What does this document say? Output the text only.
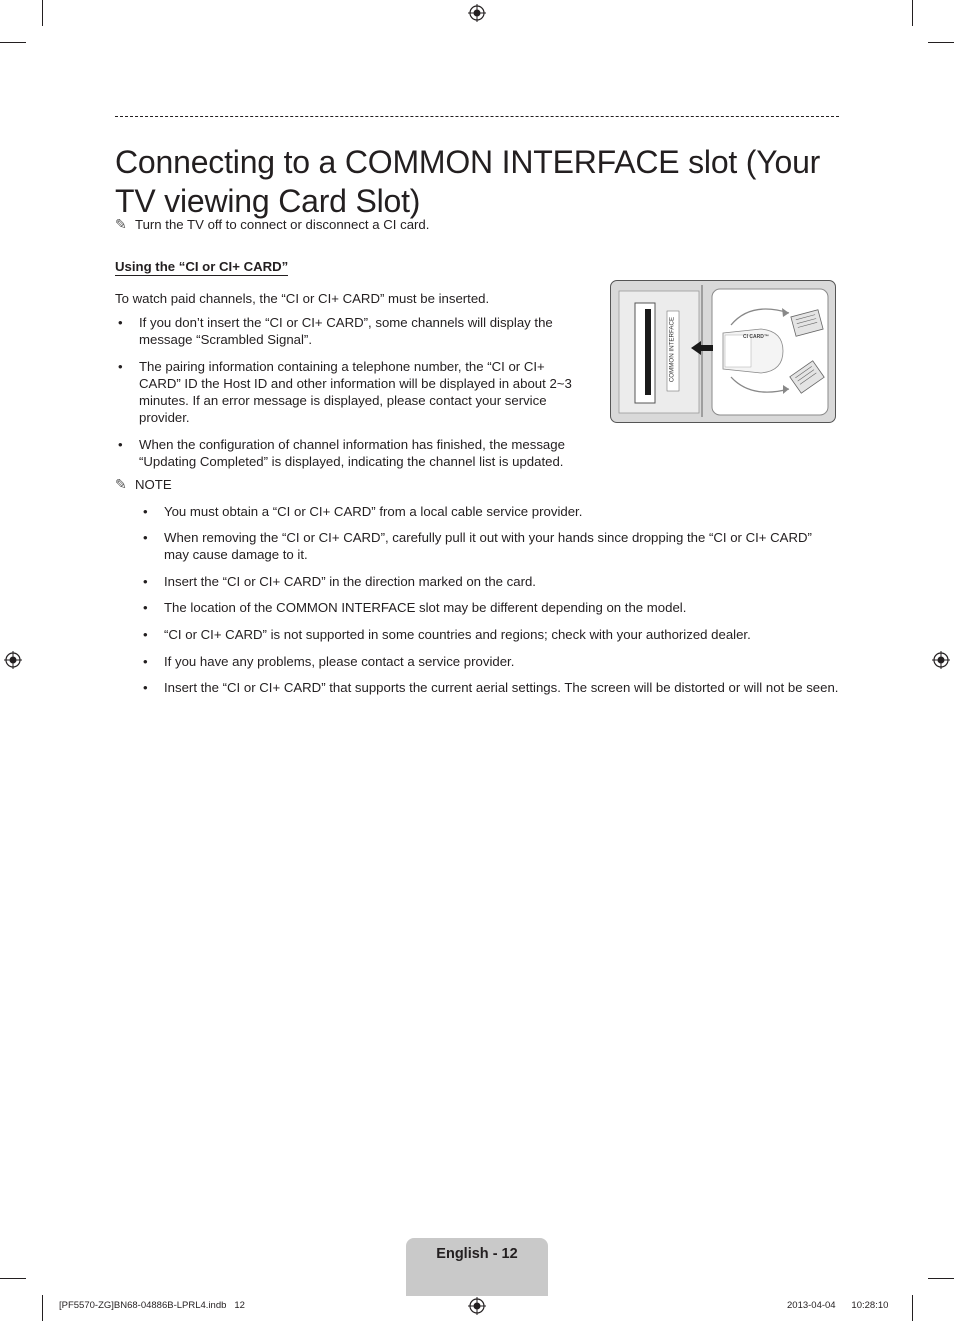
Connecting to a COMMON INTERFACE slot (Your TV viewing Card Slot)
✎ Turn the TV off to connect or disconnect a CI card.
Using the “CI or CI+ CARD”
To watch paid channels, the “CI or CI+ CARD” must be inserted.
• If you don’t insert the “CI or CI+ CARD”, some channels will display the message “Scrambled Signal”.
• The pairing information containing a telephone number, the “CI or CI+ CARD” ID the Host ID and other information will be displayed in about 2~3 minutes. If an error message is displayed, please contact your service provider.
• When the configuration of channel information has finished, the message “Updating Completed” is displayed, indicating the channel list is updated.
COMMON INTERFACE	CI CARD™
✎ NOTE
• You must obtain a “CI or CI+ CARD” from a local cable service provider.
• When removing the “CI or CI+ CARD”, carefully pull it out with your hands since dropping the “CI or CI+ CARD” may cause damage to it.
• Insert the “CI or CI+ CARD” in the direction marked on the card.
• The location of the COMMON INTERFACE slot may be different depending on the model.
• “CI or CI+ CARD” is not supported in some countries and regions; check with your authorized dealer.
• If you have any problems, please contact a service provider.
• Insert the “CI or CI+ CARD” that supports the current aerial settings. The screen will be distorted or will not be seen.
English - 12
[PF5570-ZG]BN68-04886B-LPRL4.indb   12	2013-04-04      10:28:10
